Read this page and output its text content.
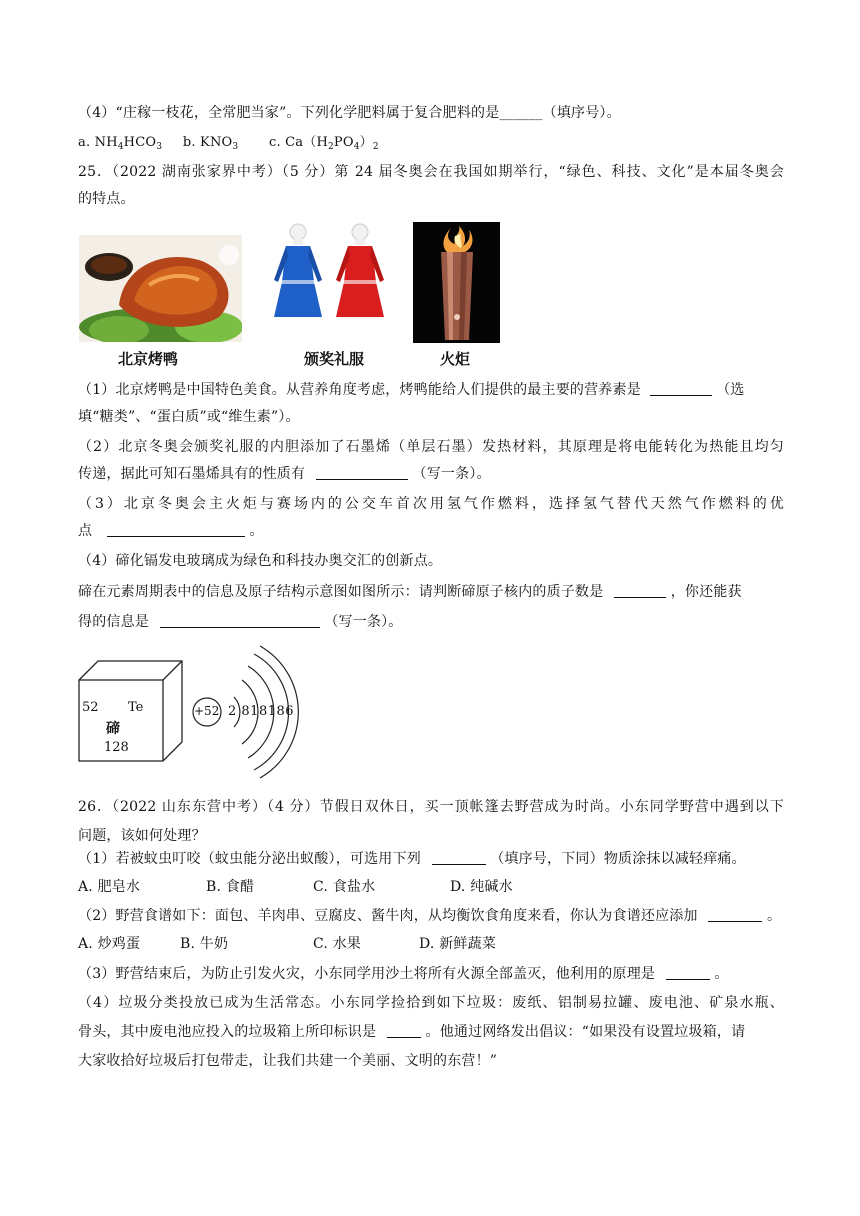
（4）“庄稼一枝花，全常肥当家”。下列化学肥料属于复合肥料的是______（填序号）。
a. $NH_4HCO_3$ b. $KNO_3$ c. $Ca(H_2PO_4)_2$
25．（2022 湖南张家界中考）（5 分）第 24 届冬奥会在我国如期举行，“绿色、科技、文化”是本届冬奥会
的特点。
北京烤鸭	颁奖礼服	火炬
（1）北京烤鸭是中国特色美食。从营养角度考虑，烤鸭能给人们提供的最主要的营养素是	（选
填“糖类”、“蛋白质”或“维生素”）。
（2）北京冬奥会颁奖礼服的内胆添加了石墨烯（单层石墨）发热材料，其原理是将电能转化为热能且均匀
传递，据此可知石墨烯具有的性质有	（写一条）。
（3）北京冬奥会主火炬与赛场内的公交车首次用氢气作燃料，选择氢气替代天然气作燃料的优
点	。
（4）碲化镉发电玻璃成为绿色和科技办奥交汇的创新点。
碲在元素周期表中的信息及原子结构示意图如图所示：请判断碲原子核内的质子数是	，你还能获
得的信息是	（写一条）。
52 Te
碲
128
+52 2 818186
26．（2022 山东东营中考）（4 分）节假日双休日，买一顶帐篷去野营成为时尚。小东同学野营中遇到以下
问题，该如何处理？
（1）若被蚊虫叮咬（蚊虫能分泌出蚁酸），可选用下列	（填序号，下同）物质涂抹以减轻痒痛。
A. 肥皂水	B. 食醋	C. 食盐水	D. 纯碱水
（2）野营食谱如下：面包、羊肉串、豆腐皮、酱牛肉，从均衡饮食角度来看，你认为食谱还应添加	。
A. 炒鸡蛋	B. 牛奶	C. 水果	D. 新鲜蔬菜
（3）野营结束后，为防止引发火灾，小东同学用沙土将所有火源全部盖灭，他利用的原理是	。
（4）垃圾分类投放已成为生活常态。小东同学捡拾到如下垃圾：废纸、铝制易拉罐、废电池、矿泉水瓶、
骨头，其中废电池应投入的垃圾箱上所印标识是	。他通过网络发出倡议：“如果没有设置垃圾箱，请
大家收拾好垃圾后打包带走，让我们共建一个美丽、文明的东营！”
